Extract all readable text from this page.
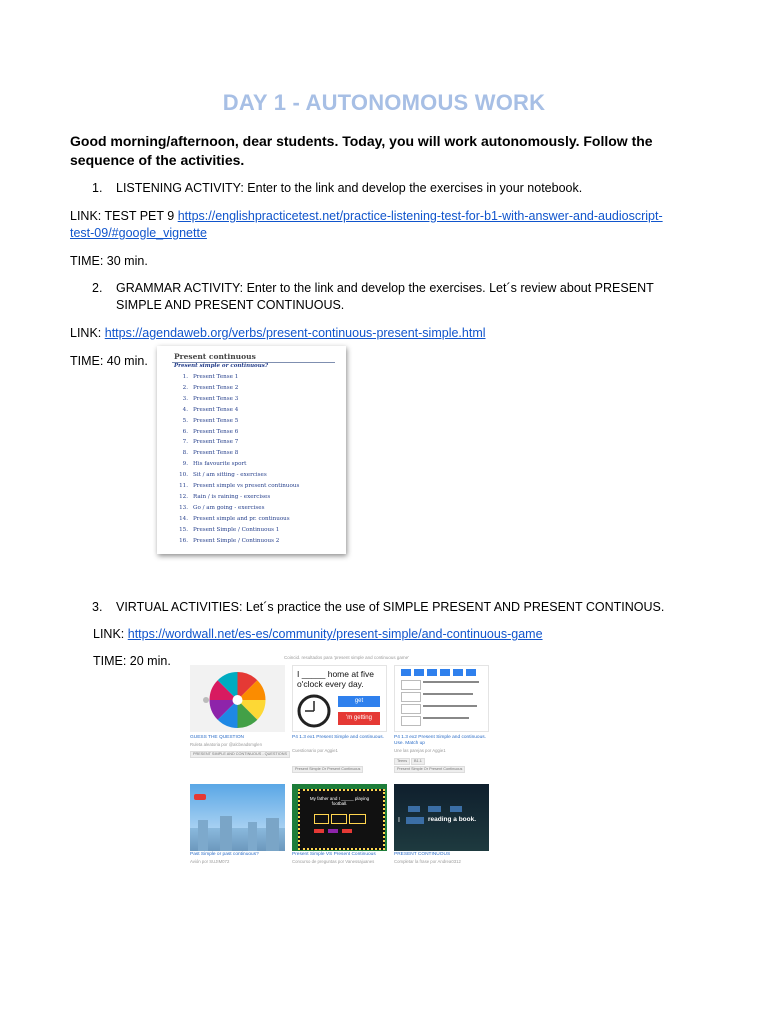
DAY 1 - AUTONOMOUS WORK
Good morning/afternoon, dear students. Today, you will work autonomously. Follow the sequence of the activities.
1. LISTENING ACTIVITY: Enter to the link and develop the exercises in your notebook.
LINK: TEST PET 9 https://englishpracticetest.net/practice-listening-test-for-b1-with-answer-and-audioscript-
test-09/#google_vignette
TIME: 30 min.
2. GRAMMAR ACTIVITY: Enter to the link and develop the exercises. Let´s review about PRESENT
SIMPLE AND PRESENT CONTINUOUS.
LINK: https://agendaweb.org/verbs/present-continuous-present-simple.html
TIME: 40 min.	Present continuous
Present simple or continuous?
1. Present Tense 1
2. Present Tense 2
3. Present Tense 3
4. Present Tense 4
5. Present Tense 5
6. Present Tense 6
7. Present Tense 7
8. Present Tense 8
9. His favourite sport
10. Sit / am sitting - exercises
11. Present simple vs present continuous
12. Rain / is raining - exercises
13. Go / am going - exercises
14. Present simple and pr. continuous
15. Present Simple / Continuous 1
16. Present Simple / Continuous 2
3. VIRTUAL ACTIVITIES: Let´s practice the use of SIMPLE PRESENT AND PRESENT CONTINOUS.
LINK: https://wordwall.net/es-es/community/present-simple/and-continuous-game
TIME: 20 min.	Coincid. resultados para 'present simple and continuous game'
GUESS THE QUESTION
Ruleta aleatoria por @alcbeadsmglen
PRESENT SIMPLE AND CONTINUOUS - QUESTIONS
I _____ home at five o'clock every day.
get
'm getting
P4 1.3 ex1 Present Simple and continuous.
Cuestionario por Aggie1
Present Simple Or Present Continuous
P4 1.3 ex2 Present Simple and continuous. Use. Match up
Une las parejas por Aggie1
Teens	B1.1
Present Simple Or Present Continuous
Past Simple or past continuous?
Avión por SUJIM072
My father and I _____ playing football.
Present Simple VS Present Continuous
Concurso de preguntas por Vanessajuanes
I	reading a book.
PRESENT CONTINUOUS
Completar la frase por Andrea0312
